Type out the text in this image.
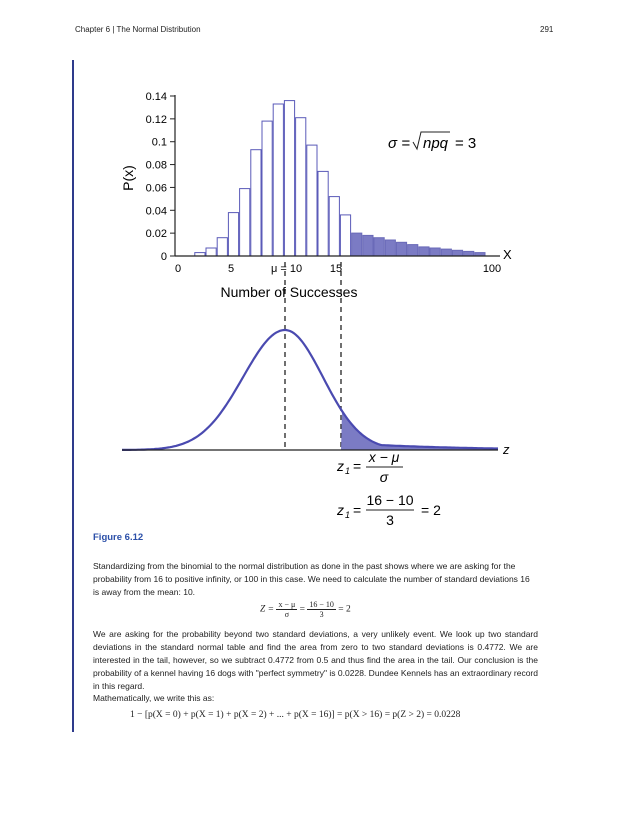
Chapter 6 | The Normal Distribution	291
0
0.02
0.04
0.06
0.08
0.1
0.12
0.14
0	5	μ = 10	15	100
X
P(x)
Number of Successes
σ = npq = 3
z
z 1 =
x − μ
σ
z 1 =
16 − 10
3
= 2
Figure 6.12
Standardizing from the binomial to the normal distribution as done in the past shows where we are asking for the probability from 16 to positive infinity, or 100 in this case. We need to calculate the number of standard deviations 16 is away from the mean: 10.
$Z = \frac{x - \mu}{\sigma} = \frac{16 - 10}{3} = 2$
We are asking for the probability beyond two standard deviations, a very unlikely event. We look up two standard deviations in the standard normal table and find the area from zero to two standard deviations is 0.4772. We are interested in the tail, however, so we subtract 0.4772 from 0.5 and thus find the area in the tail. Our conclusion is the probability of a kennel having 16 dogs with "perfect symmetry" is 0.0228. Dundee Kennels has an extraordinary record in this regard.
Mathematically, we write this as:
1 − [p(X = 0) + p(X = 1) + p(X = 2) + ... + p(X = 16)] = p(X > 16) = p(Z > 2) = 0.0228
